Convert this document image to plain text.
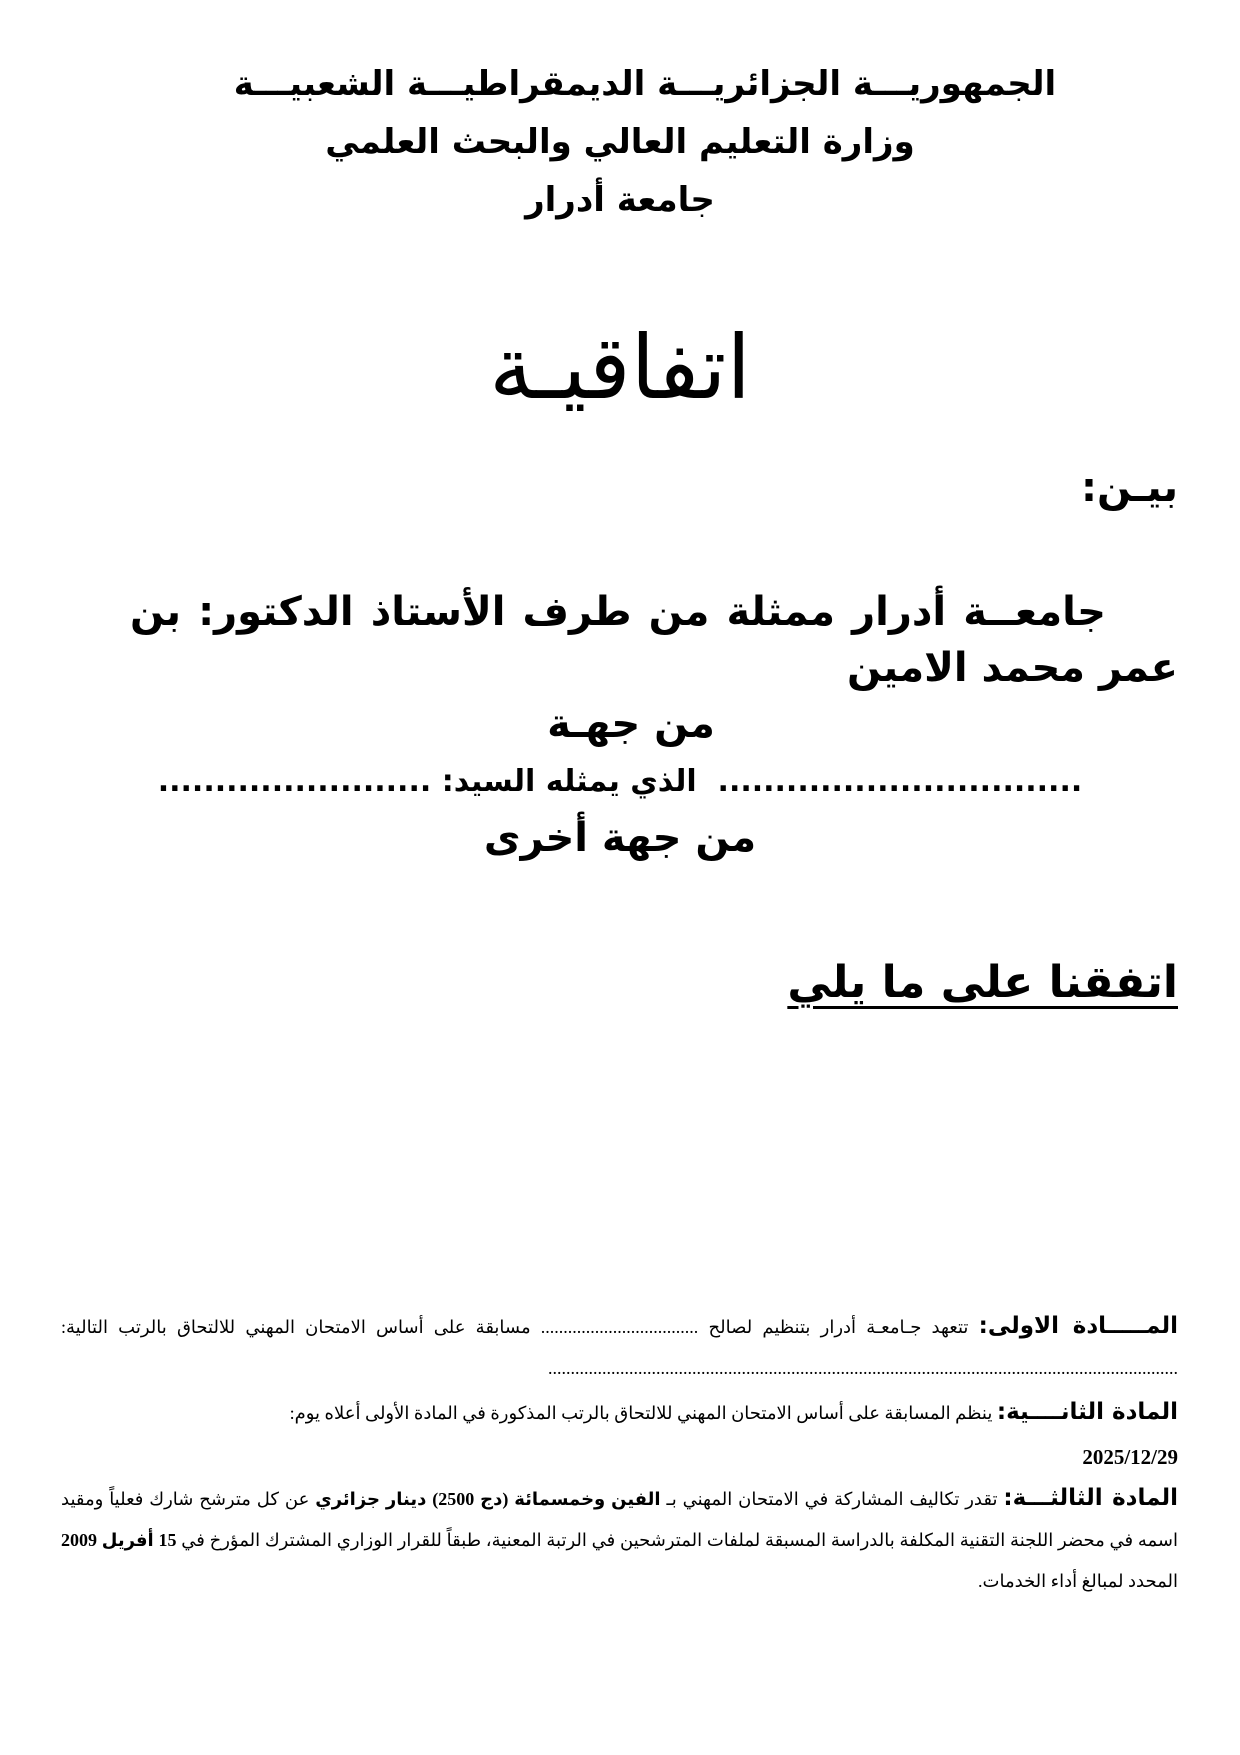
الجمهوريـــة الجزائريـــة الديمقراطيـــة الشعبيـــة
وزارة التعليم العالي والبحث العلمي
جامعة أدرار
اتفاقيـة
بيـن:
جامعــة أدرار ممثلة من طرف الأستاذ الدكتور: بن عمر محمد الامين
من جهـة
................................  الذي يمثله السيد: ........................
من جهة أخرى
اتفقنا على ما يلي

المـــــادة الاولى: تتعهد جـامعـة أدرار بتنظيم لصالح ................................... مسابقة على أساس الامتحان المهني للالتحاق بالرتب التالية: ............................................................................................................................................

المادة الثانــــية: ينظم المسابقة على أساس الامتحان المهني للالتحاق بالرتب المذكورة في المادة الأولى أعلاه يوم:

2025/12/29

المادة الثالثـــة: تقدر تكاليف المشاركة في الامتحان المهني بـ الفين وخمسمائة (دج 2500) دينار جزائري عن كل مترشح شارك فعلياً ومقيد اسمه في محضر اللجنة التقنية المكلفة بالدراسة المسبقة لملفات المترشحين في الرتبة المعنية، طبقاً للقرار الوزاري المشترك المؤرخ في 15 أفريل 2009 المحدد لمبالغ أداء الخدمات.
